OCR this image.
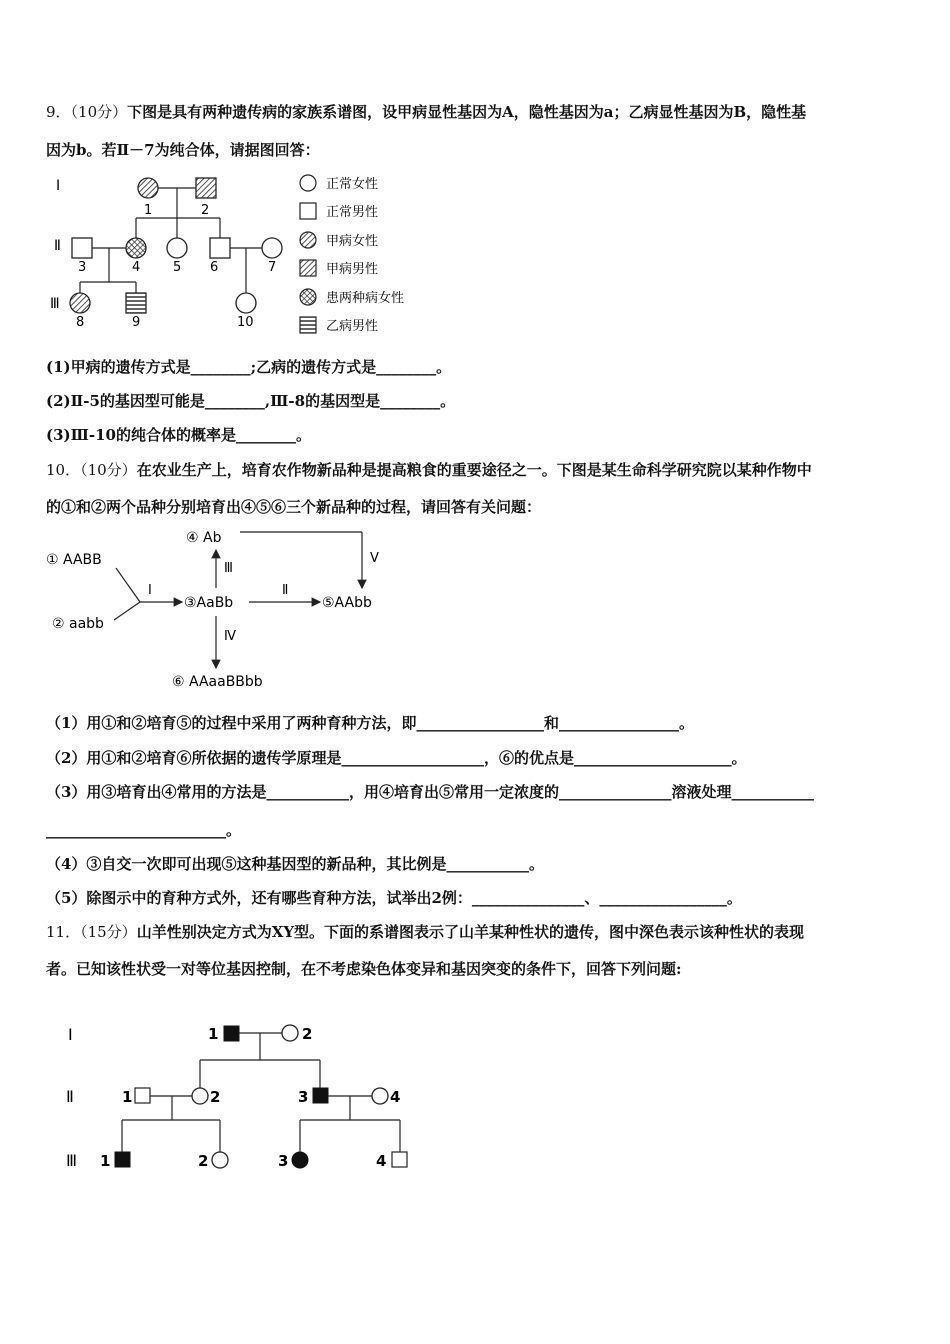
9．（10分）下图是具有两种遗传病的家族系谱图，设甲病显性基因为A，隐性基因为a；乙病显性基因为B，隐性基
因为b。若Ⅱ－7为纯合体，请据图回答：
Ⅰ
Ⅱ
Ⅲ
1	2
3	4	5 6	7
8	9	10
正常女性
正常男性
甲病女性
甲病男性
患两种病女性
乙病男性
(1)甲病的遗传方式是________;乙病的遗传方式是________。
(2)Ⅱ-5的基因型可能是________,Ⅲ-8的基因型是________。
(3)Ⅲ-10的纯合体的概率是________。
10．（10分）在农业生产上，培育农作物新品种是提高粮食的重要途径之一。下图是某生命科学研究院以某种作物中
的①和②两个品种分别培育出④⑤⑥三个新品种的过程，请回答有关问题：
① AABB
② aabb
Ⅰ
③AaBb
Ⅱ
⑤AAbb
Ⅲ
④ Ab
Ⅴ
Ⅳ
⑥ AAaaBBbb
（1）用①和②培育⑤的过程中采用了两种育种方法，即_________________和________________。
（2）用①和②培育⑥所依据的遗传学原理是___________________，⑥的优点是_____________________。
（3）用③培育出④常用的方法是___________，用④培育出⑤常用一定浓度的_______________溶液处理___________
________________________。
（4）③自交一次即可出现⑤这种基因型的新品种，其比例是___________。
（5）除图示中的育种方式外，还有哪些育种方法，试举出2例：_______________、_________________。
11．（15分）山羊性别决定方式为XY型。下面的系谱图表示了山羊某种性状的遗传，图中深色表示该种性状的表现
者。已知该性状受一对等位基因控制，在不考虑染色体变异和基因突变的条件下，回答下列问题:
Ⅰ
Ⅱ
Ⅲ
1	2
1	2	3	4
1	2	3	4
